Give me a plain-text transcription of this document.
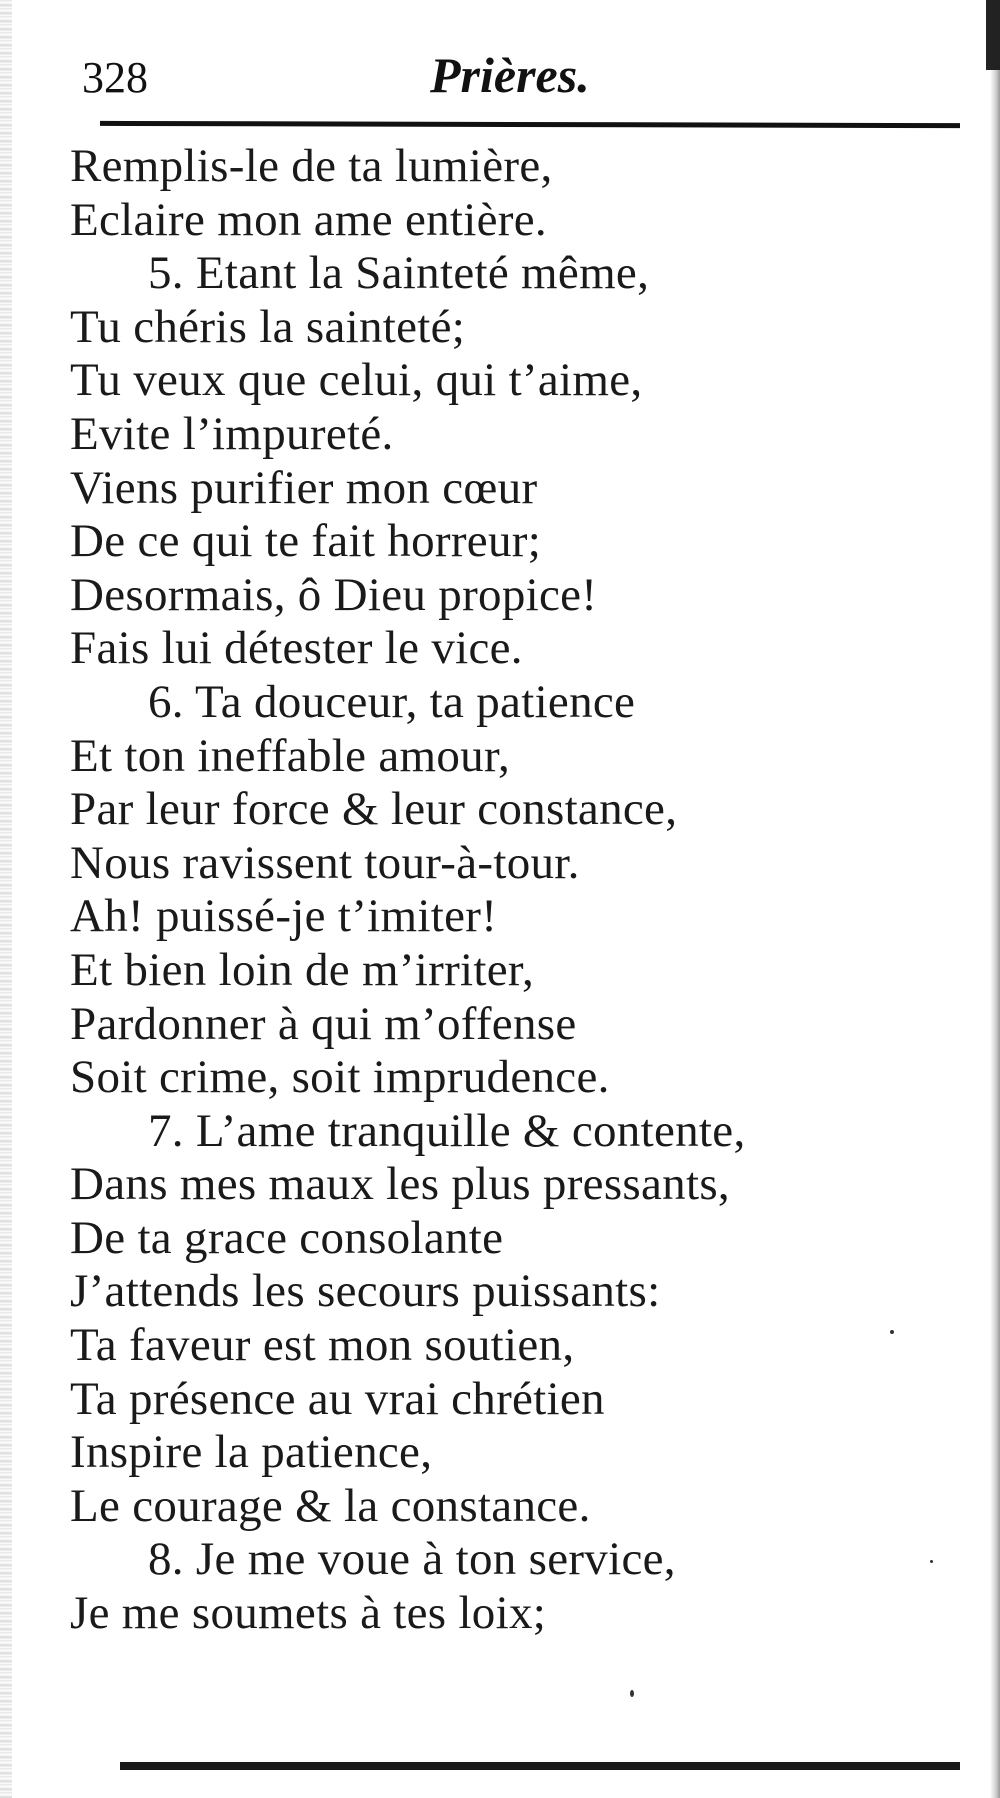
328	Prières.
Remplis-le de ta lumière,
Eclaire mon ame entière.
5. Etant la Sainteté même,
Tu chéris la sainteté;
Tu veux que celui, qui t’aime,
Evite l’impureté.
Viens purifier mon cœur
De ce qui te fait horreur;
Desormais, ô Dieu propice!
Fais lui détester le vice.
6. Ta douceur, ta patience
Et ton ineffable amour,
Par leur force & leur constance,
Nous ravissent tour-à-tour.
Ah! puissé-je t’imiter!
Et bien loin de m’irriter,
Pardonner à qui m’offense
Soit crime, soit imprudence.
7. L’ame tranquille & contente,
Dans mes maux les plus pressants,
De ta grace consolante
J’attends les secours puissants:
Ta faveur est mon soutien,
Ta présence au vrai chrétien
Inspire la patience,
Le courage & la constance.
8. Je me voue à ton service,
Je me soumets à tes loix;
